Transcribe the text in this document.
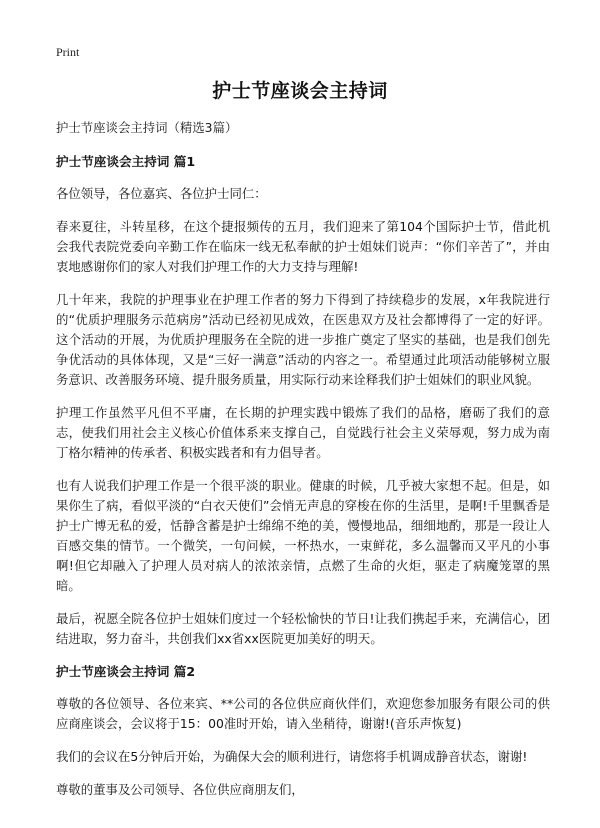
Print
护士节座谈会主持词

护士节座谈会主持词（精选3篇）

护士节座谈会主持词 篇1

各位领导，各位嘉宾、各位护士同仁：

春来夏往，斗转星移，在这个捷报频传的五月，我们迎来了第104个国际护士节，借此机会我代表院党委向辛勤工作在临床一线无私奉献的护士姐妹们说声：“你们辛苦了”，并由衷地感谢你们的家人对我们护理工作的大力支持与理解!

几十年来，我院的护理事业在护理工作者的努力下得到了持续稳步的发展，x年我院进行的“优质护理服务示范病房”活动已经初见成效，在医患双方及社会都博得了一定的好评。这个活动的开展，为优质护理服务在全院的进一步推广奠定了坚实的基础，也是我们创先争优活动的具体体现，又是“三好一满意”活动的内容之一。希望通过此项活动能够树立服务意识、改善服务环境、提升服务质量，用实际行动来诠释我们护士姐妹们的职业风貌。

护理工作虽然平凡但不平庸，在长期的护理实践中锻炼了我们的品格，磨砺了我们的意志，使我们用社会主义核心价值体系来支撑自己，自觉践行社会主义荣辱观，努力成为南丁格尔精神的传承者、积极实践者和有力倡导者。

也有人说我们护理工作是一个很平淡的职业。健康的时候，几乎被大家想不起。但是，如果你生了病，看似平淡的“白衣天使们”会悄无声息的穿梭在你的生活里，是啊!千里飘香是护士广博无私的爱，恬静含蓄是护士绵绵不绝的美，慢慢地品，细细地酌，那是一段让人百感交集的情节。一个微笑，一句问候，一杯热水，一束鲜花，多么温馨而又平凡的小事啊!但它却融入了护理人员对病人的浓浓亲情，点燃了生命的火炬，驱走了病魔笼罩的黑暗。

最后，祝愿全院各位护士姐妹们度过一个轻松愉快的节日!让我们携起手来，充满信心，团结进取，努力奋斗，共创我们xx省xx医院更加美好的明天。

护士节座谈会主持词 篇2

尊敬的各位领导、各位来宾、**公司的各位供应商伙伴们，欢迎您参加服务有限公司的供应商座谈会，会议将于15：00准时开始，请入坐稍待，谢谢!(音乐声恢复)

我们的会议在5分钟后开始，为确保大会的顺利进行，请您将手机调成静音状态，谢谢!

尊敬的董事及公司领导、各位供应商朋友们，
